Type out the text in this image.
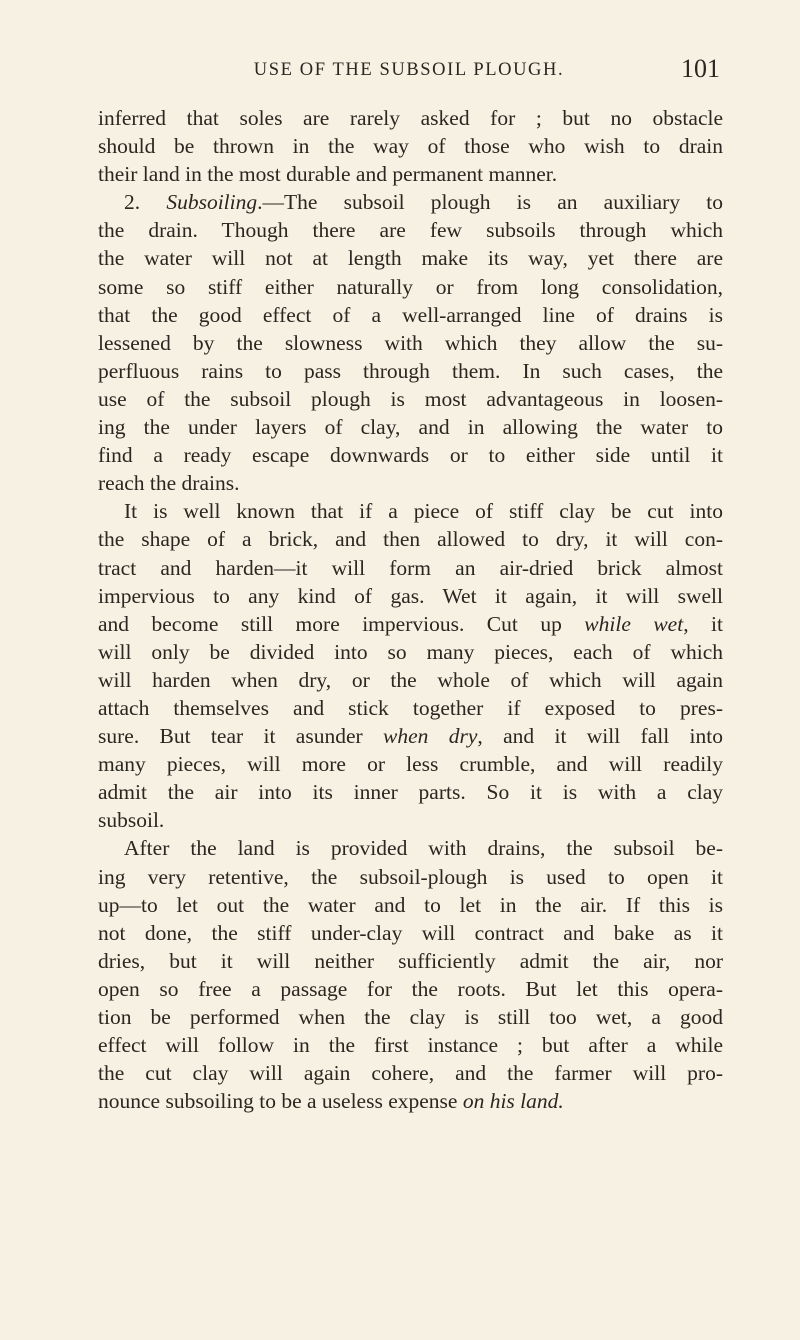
USE OF THE SUBSOIL PLOUGH.	101
inferred that soles are rarely asked for ; but no obstacle
should be thrown in the way of those who wish to drain
their land in the most durable and permanent manner.
2. Subsoiling.—The subsoil plough is an auxiliary to
the drain. Though there are few subsoils through which
the water will not at length make its way, yet there are
some so stiff either naturally or from long consolidation,
that the good effect of a well-arranged line of drains is
lessened by the slowness with which they allow the su-
perfluous rains to pass through them. In such cases, the
use of the subsoil plough is most advantageous in loosen-
ing the under layers of clay, and in allowing the water to
find a ready escape downwards or to either side until it
reach the drains.
It is well known that if a piece of stiff clay be cut into
the shape of a brick, and then allowed to dry, it will con-
tract and harden—it will form an air-dried brick almost
impervious to any kind of gas. Wet it again, it will swell
and become still more impervious. Cut up while wet, it
will only be divided into so many pieces, each of which
will harden when dry, or the whole of which will again
attach themselves and stick together if exposed to pres-
sure. But tear it asunder when dry, and it will fall into
many pieces, will more or less crumble, and will readily
admit the air into its inner parts. So it is with a clay
subsoil.
After the land is provided with drains, the subsoil be-
ing very retentive, the subsoil-plough is used to open it
up—to let out the water and to let in the air. If this is
not done, the stiff under-clay will contract and bake as it
dries, but it will neither sufficiently admit the air, nor
open so free a passage for the roots. But let this opera-
tion be performed when the clay is still too wet, a good
effect will follow in the first instance ; but after a while
the cut clay will again cohere, and the farmer will pro-
nounce subsoiling to be a useless expense on his land.
